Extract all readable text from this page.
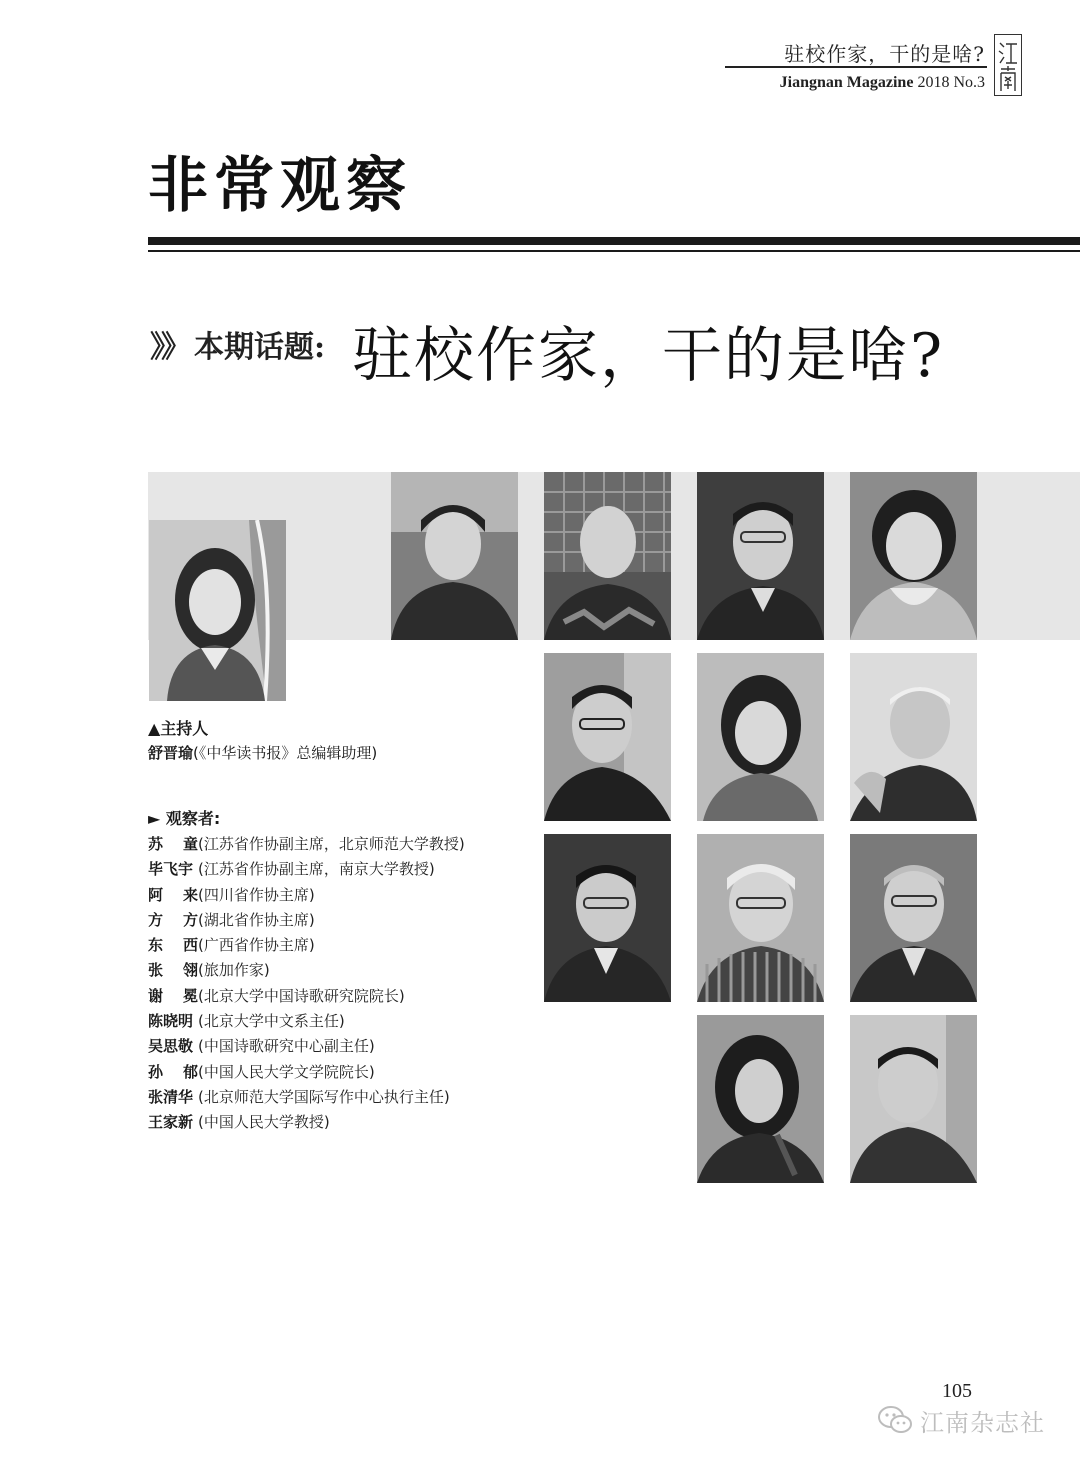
驻校作家，干的是啥?
Jiangnan Magazine 2018 No.3
非常观察
》》 本期话题: 驻校作家，干的是啥?
▲主持人
舒晋瑜(《中华读书报》总编辑助理)
► 观察者:
苏童(江苏省作协副主席，北京师范大学教授)
毕飞宇 (江苏省作协副主席，南京大学教授)
阿来(四川省作协主席)
方方(湖北省作协主席)
东西(广西省作协主席)
张翎(旅加作家)
谢冕(北京大学中国诗歌研究院院长)
陈晓明 (北京大学中文系主任)
吴思敬 (中国诗歌研究中心副主任)
孙郁(中国人民大学文学院院长)
张清华 (北京师范大学国际写作中心执行主任)
王家新 (中国人民大学教授)
105
江南杂志社
